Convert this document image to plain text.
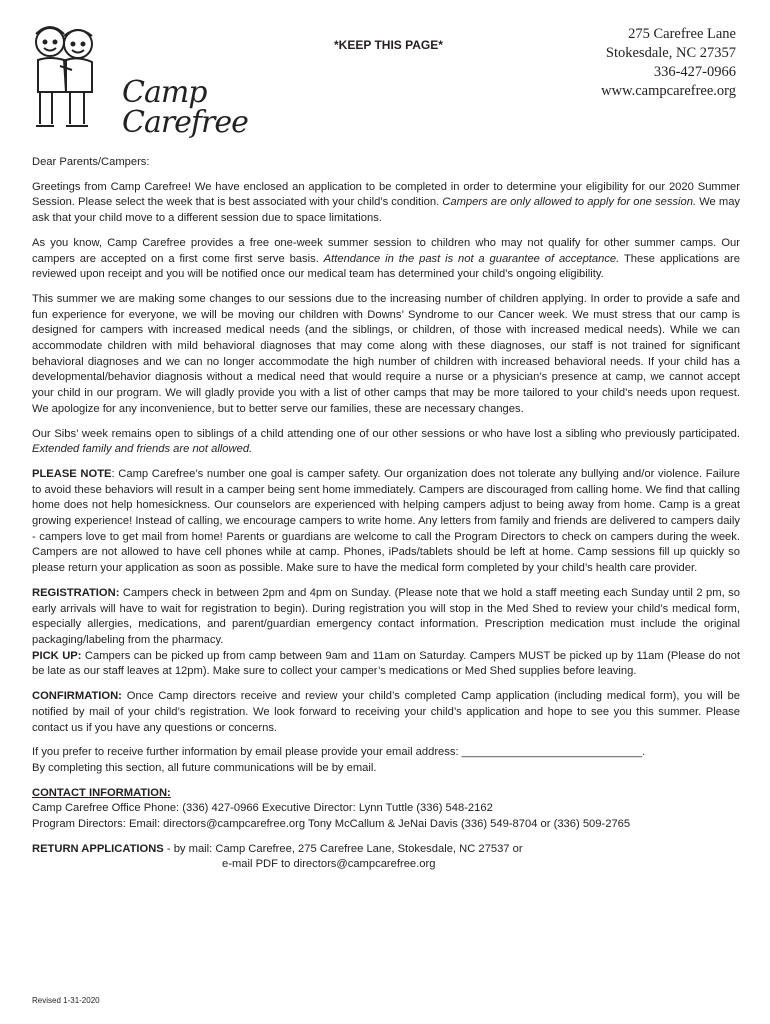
Camp
Carefree
*KEEP THIS PAGE*
275 Carefree Lane
Stokesdale, NC 27357
336-427-0966
www.campcarefree.org

Dear Parents/Campers:

Greetings from Camp Carefree! We have enclosed an application to be completed in order to determine your eligibility for our 2020 Summer Session. Please select the week that is best associated with your child’s condition. Campers are only allowed to apply for one session. We may ask that your child move to a different session due to space limitations.

As you know, Camp Carefree provides a free one-week summer session to children who may not qualify for other summer camps. Our campers are accepted on a first come first serve basis. Attendance in the past is not a guarantee of acceptance. These applications are reviewed upon receipt and you will be notified once our medical team has determined your child’s ongoing eligibility.

This summer we are making some changes to our sessions due to the increasing number of children applying. In order to provide a safe and fun experience for everyone, we will be moving our children with Downs’ Syndrome to our Cancer week. We must stress that our camp is designed for campers with increased medical needs (and the siblings, or children, of those with increased medical needs). While we can accommodate children with mild behavioral diagnoses that may come along with these diagnoses, our staff is not trained for significant behavioral diagnoses and we can no longer accommodate the high number of children with increased behavioral needs. If your child has a developmental/behavior diagnosis without a medical need that would require a nurse or a physician’s presence at camp, we cannot accept your child in our program. We will gladly provide you with a list of other camps that may be more tailored to your child’s needs upon request. We apologize for any inconvenience, but to better serve our families, these are necessary changes.

Our Sibs’ week remains open to siblings of a child attending one of our other sessions or who have lost a sibling who previously participated. Extended family and friends are not allowed.

PLEASE NOTE: Camp Carefree’s number one goal is camper safety. Our organization does not tolerate any bullying and/or violence. Failure to avoid these behaviors will result in a camper being sent home immediately. Campers are discouraged from calling home. We find that calling home does not help homesickness. Our counselors are experienced with helping campers adjust to being away from home. Camp is a great growing experience! Instead of calling, we encourage campers to write home. Any letters from family and friends are delivered to campers daily - campers love to get mail from home! Parents or guardians are welcome to call the Program Directors to check on campers during the week. Campers are not allowed to have cell phones while at camp. Phones, iPads/tablets should be left at home. Camp sessions fill up quickly so please return your application as soon as possible. Make sure to have the medical form completed by your child’s health care provider.

REGISTRATION: Campers check in between 2pm and 4pm on Sunday. (Please note that we hold a staff meeting each Sunday until 2 pm, so early arrivals will have to wait for registration to begin). During registration you will stop in the Med Shed to review your child’s medical form, especially allergies, medications, and parent/guardian emergency contact information. Prescription medication must include the original packaging/labeling from the pharmacy.

PICK UP: Campers can be picked up from camp between 9am and 11am on Saturday. Campers MUST be picked up by 11am (Please do not be late as our staff leaves at 12pm). Make sure to collect your camper’s medications or Med Shed supplies before leaving.

CONFIRMATION: Once Camp directors receive and review your child’s completed Camp application (including medical form), you will be notified by mail of your child’s registration. We look forward to receiving your child’s application and hope to see you this summer. Please contact us if you have any questions or concerns.

If you prefer to receive further information by email please provide your email address: _____________________________.
By completing this section, all future communications will be by email.

CONTACT INFORMATION:
Camp Carefree Office Phone: (336) 427-0966 Executive Director: Lynn Tuttle (336) 548-2162
Program Directors: Email: directors@campcarefree.org Tony McCallum & JeNai Davis (336) 549-8704 or (336) 509-2765

RETURN APPLICATIONS - by mail: Camp Carefree, 275 Carefree Lane, Stokesdale, NC 27537 or
e-mail PDF to directors@campcarefree.org

Revised 1-31-2020
